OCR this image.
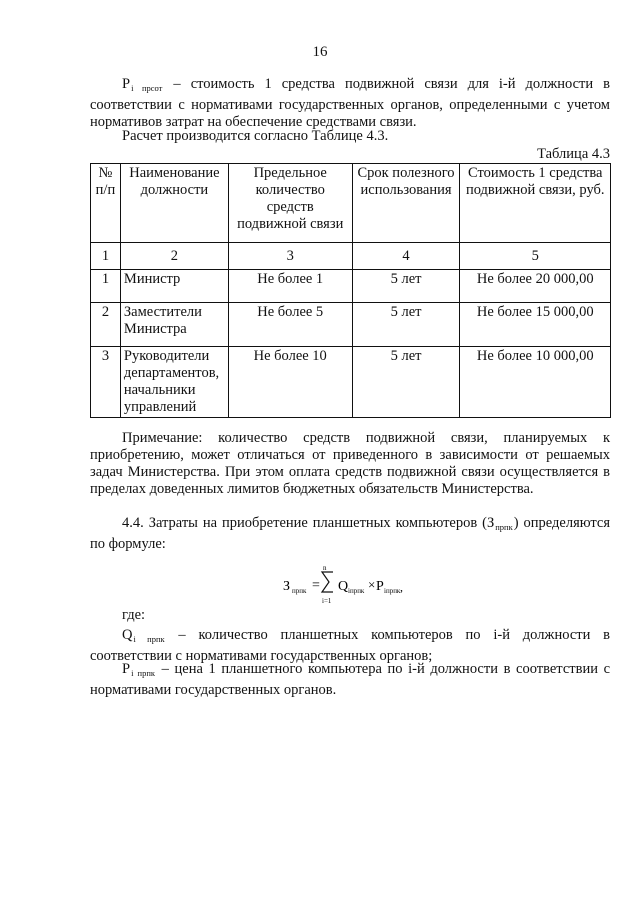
16

$P_{i прсот}$ – стоимость 1 средства подвижной связи для i-й должности в соответствии с нормативами государственных органов, определенными с учетом нормативов затрат на обеспечение средствами связи.

Расчет производится согласно Таблице 4.3.

Таблица 4.3
№ п/п	Наименование должности	Предельное количество средств подвижной связи	Срок полезного использования	Стоимость 1 средства подвижной связи, руб.
1	2	3	4	5
1	Министр	Не более 1	5 лет	Не более 20 000,00
2	Заместители Министра	Не более 5	5 лет	Не более 15 000,00
3	Руководители департаментов, начальники управлений	Не более 10	5 лет	Не более 10 000,00

Примечание: количество средств подвижной связи, планируемых к приобретению, может отличаться от приведенного в зависимости от решаемых задач Министерства. При этом оплата средств подвижной связи осуществляется в пределах доведенных лимитов бюджетных обязательств Министерства.

4.4. Затраты на приобретение планшетных компьютеров $(З_{прпк})$ определяются по формуле:

З прпк =
n
i=1
Q iпрпк × P iпрпк ,

где:

$Q_{i прпк}$ – количество планшетных компьютеров по i-й должности в соответствии с нормативами государственных органов;

$P_{i прпк}$ – цена 1 планшетного компьютера по i-й должности в соответствии с нормативами государственных органов.
